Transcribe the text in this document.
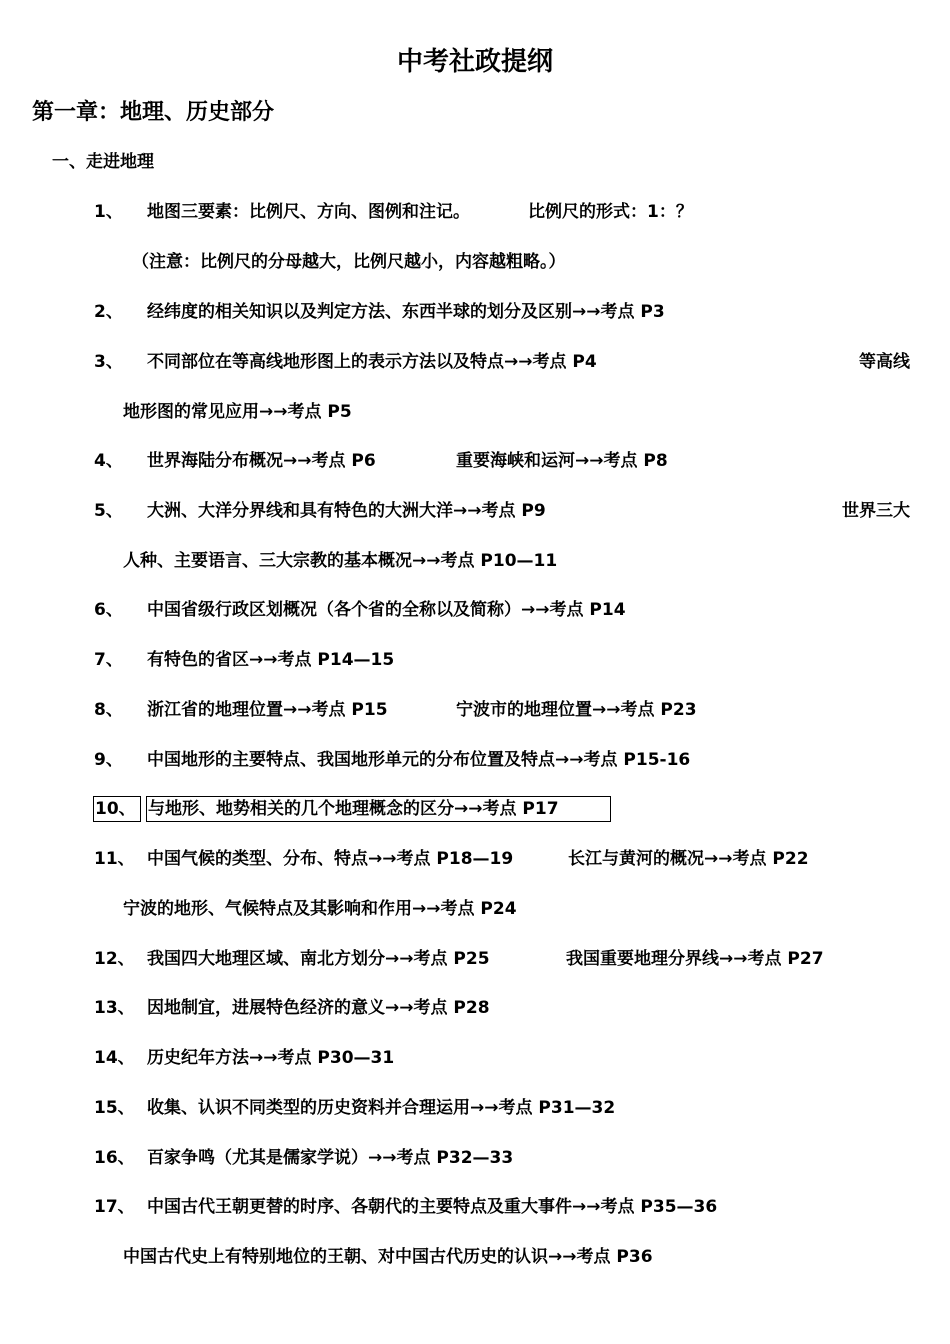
中考社政提纲
第一章：地理、历史部分
一、走进地理
1、 地图三要素：比例尺、方向、图例和注记。	比例尺的形式：1：？
（注意：比例尺的分母越大，比例尺越小，内容越粗略。）
2、 经纬度的相关知识以及判定方法、东西半球的划分及区别→→考点 P3
3、 不同部位在等高线地形图上的表示方法以及特点→→考点 P4	等高线
地形图的常见应用→→考点 P5
4、 世界海陆分布概况→→考点 P6	重要海峡和运河→→考点 P8
5、 大洲、大洋分界线和具有特色的大洲大洋→→考点 P9	世界三大
人种、主要语言、三大宗教的基本概况→→考点 P10—11
6、 中国省级行政区划概况（各个省的全称以及简称）→→考点 P14
7、 有特色的省区→→考点 P14—15
8、 浙江省的地理位置→→考点 P15	宁波市的地理位置→→考点 P23
9、 中国地形的主要特点、我国地形单元的分布位置及特点→→考点 P15-16
10、 与地形、地势相关的几个地理概念的区分→→考点 P17
11、 中国气候的类型、分布、特点→→考点 P18—19	长江与黄河的概况→→考点 P22
宁波的地形、气候特点及其影响和作用→→考点 P24
12、 我国四大地理区域、南北方划分→→考点 P25	我国重要地理分界线→→考点 P27
13、 因地制宜，进展特色经济的意义→→考点 P28
14、 历史纪年方法→→考点 P30—31
15、 收集、认识不同类型的历史资料并合理运用→→考点 P31—32
16、 百家争鸣（尤其是儒家学说）→→考点 P32—33
17、 中国古代王朝更替的时序、各朝代的主要特点及重大事件→→考点 P35—36
中国古代史上有特别地位的王朝、对中国古代历史的认识→→考点 P36
